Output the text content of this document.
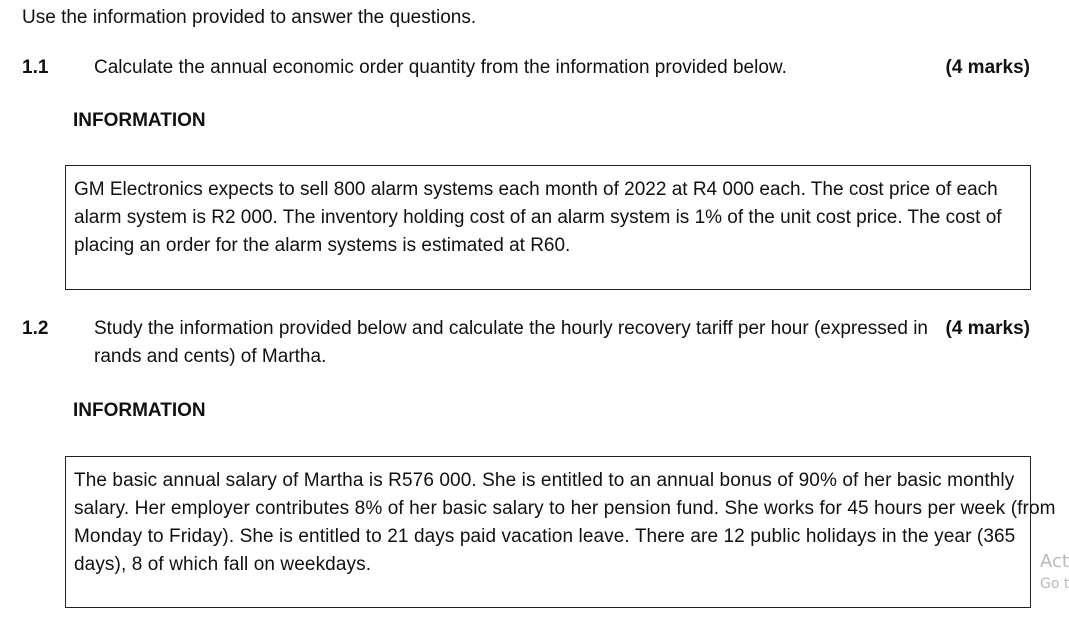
Use the information provided to answer the questions.
1.1 Calculate the annual economic order quantity from the information provided below.	(4 marks)
INFORMATION

GM Electronics expects to sell 800 alarm systems each month of 2022 at R4 000 each. The cost price of each

alarm system is R2 000. The inventory holding cost of an alarm system is 1% of the unit cost price. The cost of

placing an order for the alarm systems is estimated at R60.

1.2 Study the information provided below and calculate the hourly recovery tariff per hour (expressed in
rands and cents) of Martha.
(4 marks)
INFORMATION

The basic annual salary of Martha is R576 000. She is entitled to an annual bonus of 90% of her basic monthly

salary. Her employer contributes 8% of her basic salary to her pension fund. She works for 45 hours per week (from

Monday to Friday). She is entitled to 21 days paid vacation leave. There are 12 public holidays in the year (365

days), 8 of which fall on weekdays.	Act
Go t
